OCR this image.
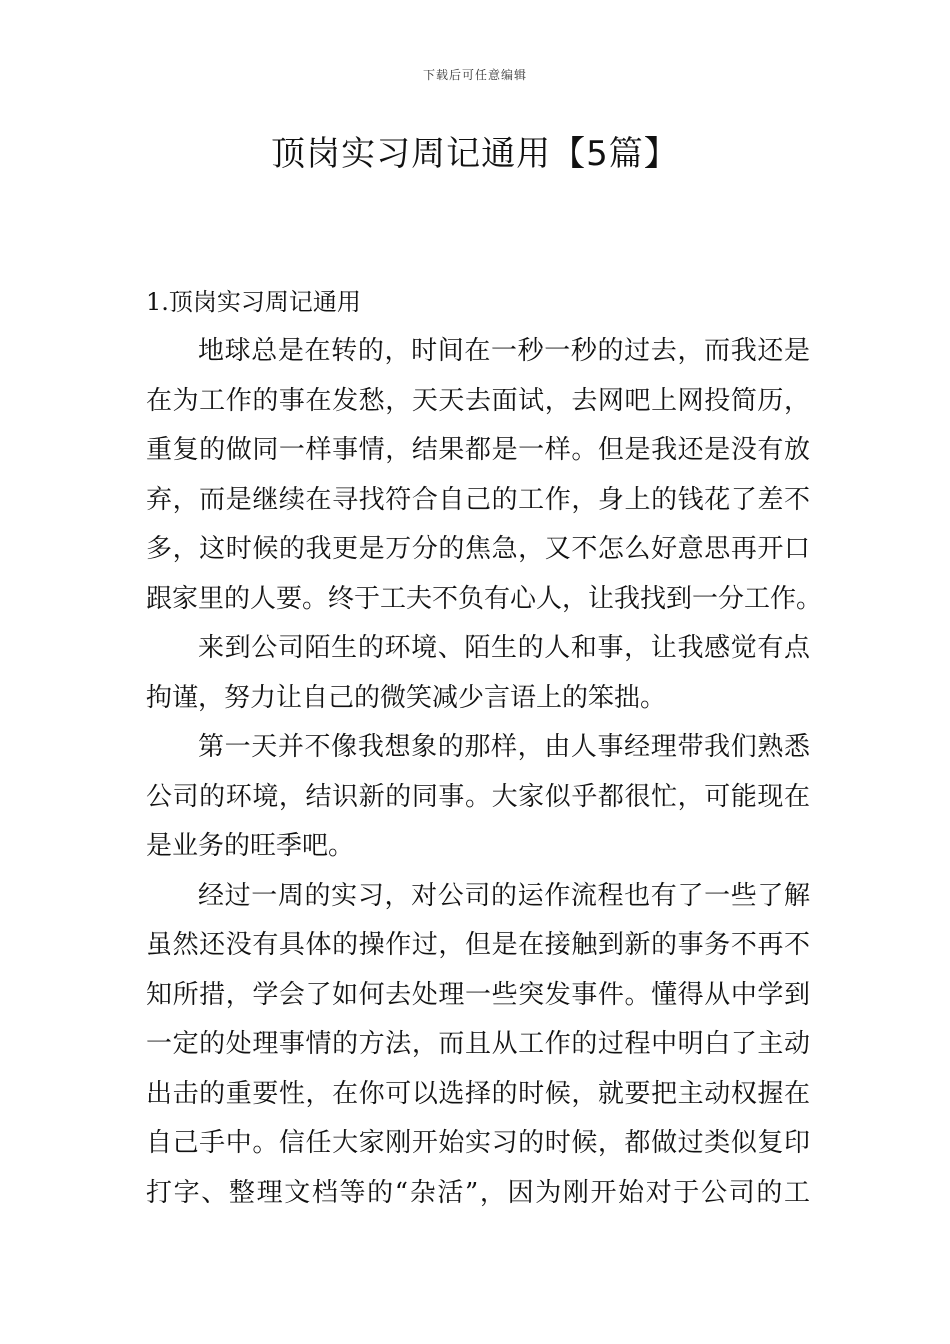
下载后可任意编辑
顶岗实习周记通用【5篇】
1.顶岗实习周记通用
地球总是在转的，时间在一秒一秒的过去，而我还是
在为工作的事在发愁，天天去面试，去网吧上网投简历，
重复的做同一样事情，结果都是一样。但是我还是没有放
弃，而是继续在寻找符合自己的工作，身上的钱花了差不
多，这时候的我更是万分的焦急，又不怎么好意思再开口
跟家里的人要。终于工夫不负有心人，让我找到一分工作。
来到公司陌生的环境、陌生的人和事，让我感觉有点
拘谨，努力让自己的微笑减少言语上的笨拙。
第一天并不像我想象的那样，由人事经理带我们熟悉
公司的环境，结识新的同事。大家似乎都很忙，可能现在
是业务的旺季吧。
经过一周的实习，对公司的运作流程也有了一些了解
虽然还没有具体的操作过，但是在接触到新的事务不再不
知所措，学会了如何去处理一些突发事件。懂得从中学到
一定的处理事情的方法，而且从工作的过程中明白了主动
出击的重要性，在你可以选择的时候，就要把主动权握在
自己手中。信任大家刚开始实习的时候，都做过类似复印
打字、整理文档等的“杂活”，因为刚开始对于公司的工
